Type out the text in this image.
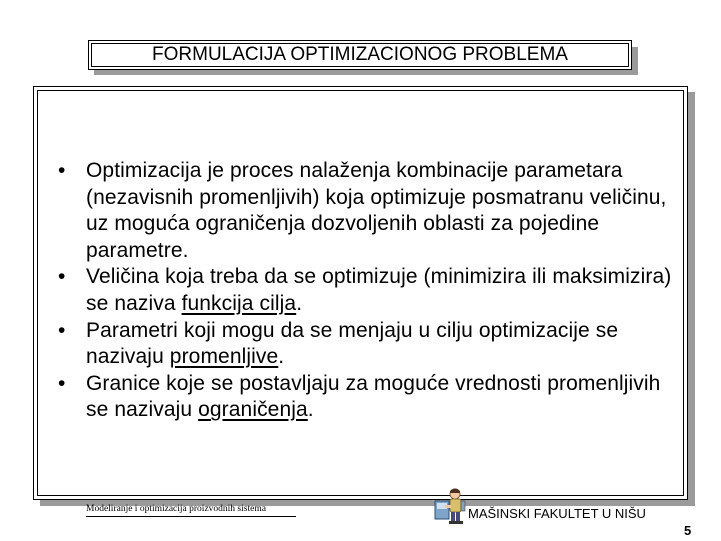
FORMULACIJA OPTIMIZACIONOG PROBLEMA
• Optimizacija je proces nalaženja kombinacije parametara (nezavisnih promenljivih) koja optimizuje posmatranu veličinu, uz moguća ograničenja dozvoljenih oblasti za pojedine parametre.
• Veličina koja treba da se optimizuje (minimizira ili maksimizira) se naziva funkcija cilja.
• Parametri koji mogu da se menjaju u cilju optimizacije se nazivaju promenljive.
• Granice koje se postavljaju za moguće vrednosti promenljivih se nazivaju ograničenja.
Modeliranje i optimizacija proizvodnih sistema	MAŠINSKI FAKULTET U NIŠU
5
